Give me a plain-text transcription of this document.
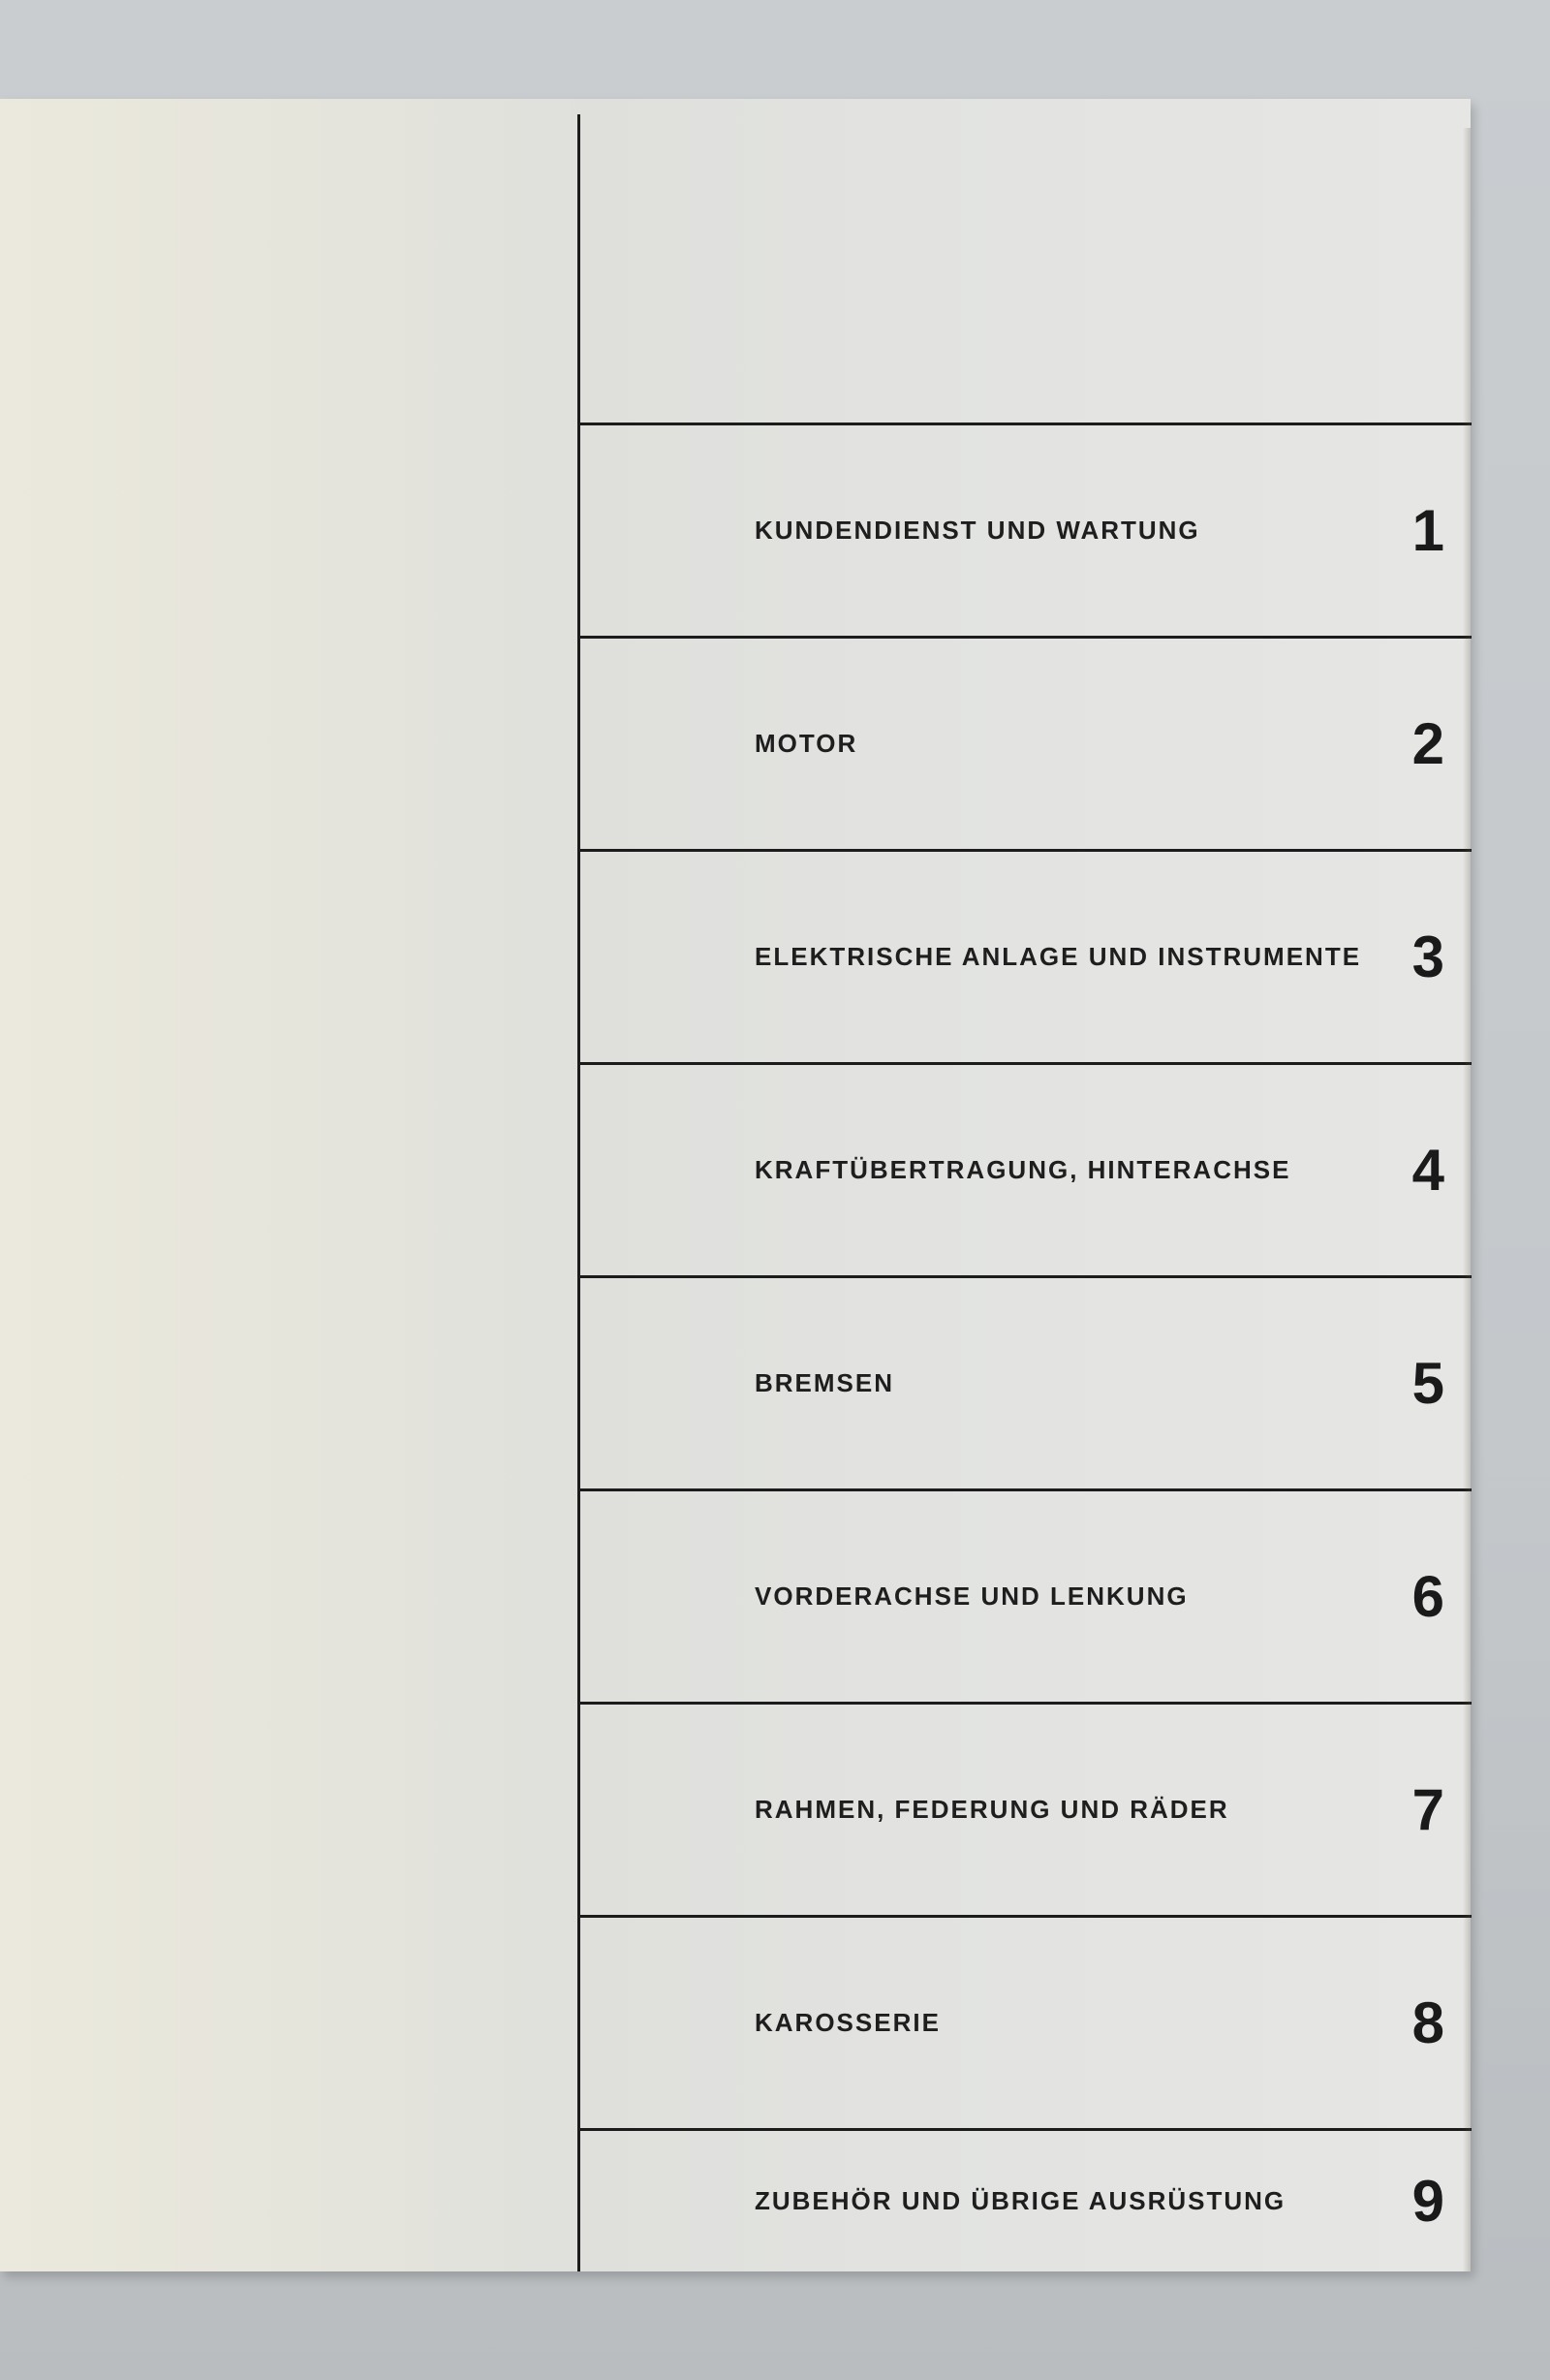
KUNDENDIENST UND WARTUNG	1
MOTOR	2
ELEKTRISCHE ANLAGE UND INSTRUMENTE 3
KRAFTÜBERTRAGUNG, HINTERACHSE 4
BREMSEN	5
VORDERACHSE UND LENKUNG	6
RAHMEN, FEDERUNG UND RÄDER	7
KAROSSERIE	8
ZUBEHÖR UND ÜBRIGE AUSRÜSTUNG 9
